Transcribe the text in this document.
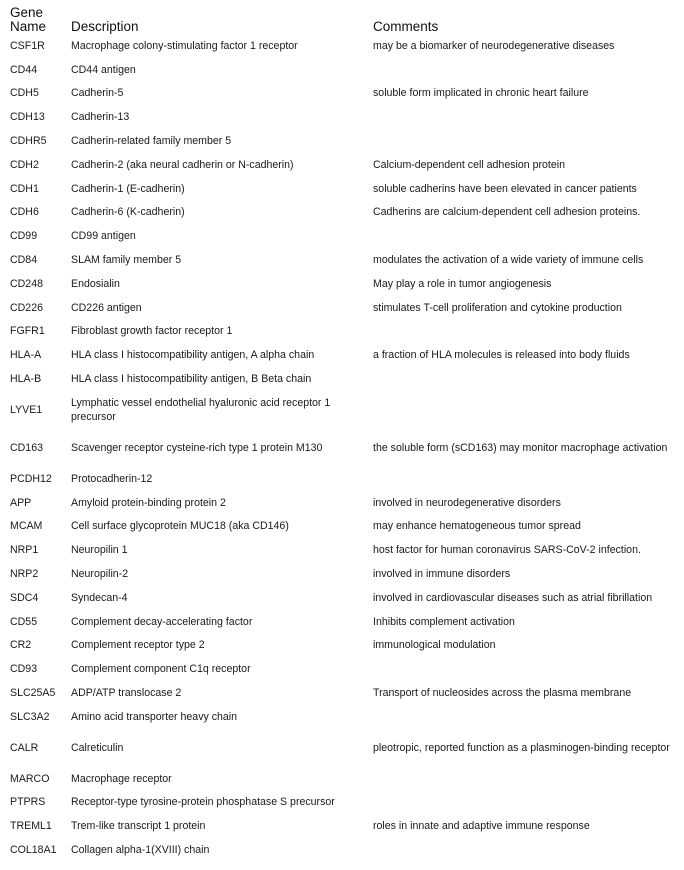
Gene
Name	Description	Comments
CSF1R	Macrophage colony-stimulating factor 1 receptor	may be a biomarker of neurodegenerative diseases
CD44	CD44 antigen	
CDH5	Cadherin-5	soluble form implicated in chronic heart failure
CDH13	Cadherin-13	
CDHR5	Cadherin-related family member 5	
CDH2	Cadherin-2 (aka neural cadherin or N-cadherin)	Calcium-dependent cell adhesion protein
CDH1	Cadherin-1 (E-cadherin)	soluble cadherins have been elevated in cancer patients
CDH6	Cadherin-6 (K-cadherin)	Cadherins are calcium-dependent cell adhesion proteins.
CD99	CD99 antigen	
CD84	SLAM family member 5	modulates the activation of a wide variety of immune cells
CD248	Endosialin	May play a role in tumor angiogenesis
CD226	CD226 antigen	stimulates T-cell proliferation and cytokine production
FGFR1	Fibroblast growth factor receptor 1	
HLA-A	HLA class I histocompatibility antigen, A alpha chain	a fraction of HLA molecules is released into body fluids
HLA-B	HLA class I histocompatibility antigen, B Beta chain	
LYVE1	Lymphatic vessel endothelial hyaluronic acid receptor 1 precursor	
CD163	Scavenger receptor cysteine-rich type 1 protein M130	the soluble form (sCD163) may monitor macrophage activation
PCDH12	Protocadherin-12	
APP	Amyloid protein-binding protein 2	involved in neurodegenerative disorders
MCAM	Cell surface glycoprotein MUC18 (aka CD146)	may enhance hematogeneous tumor spread
NRP1	Neuropilin 1	host factor for human coronavirus SARS-CoV-2 infection.
NRP2	Neuropilin-2	involved in immune disorders
SDC4	Syndecan-4	involved in cardiovascular diseases such as atrial fibrillation
CD55	Complement decay-accelerating factor	Inhibits complement activation
CR2	Complement receptor type 2	immunological modulation
CD93	Complement component C1q receptor	
SLC25A5	ADP/ATP translocase 2	Transport of nucleosides across the plasma membrane
SLC3A2	Amino acid transporter heavy chain	
CALR	Calreticulin	pleotropic, reported function as a plasminogen-binding receptor
MARCO	Macrophage receptor	
PTPRS	Receptor-type tyrosine-protein phosphatase S precursor	
TREML1	Trem-like transcript 1 protein	roles in innate and adaptive immune response
COL18A1	Collagen alpha-1(XVIII) chain	
